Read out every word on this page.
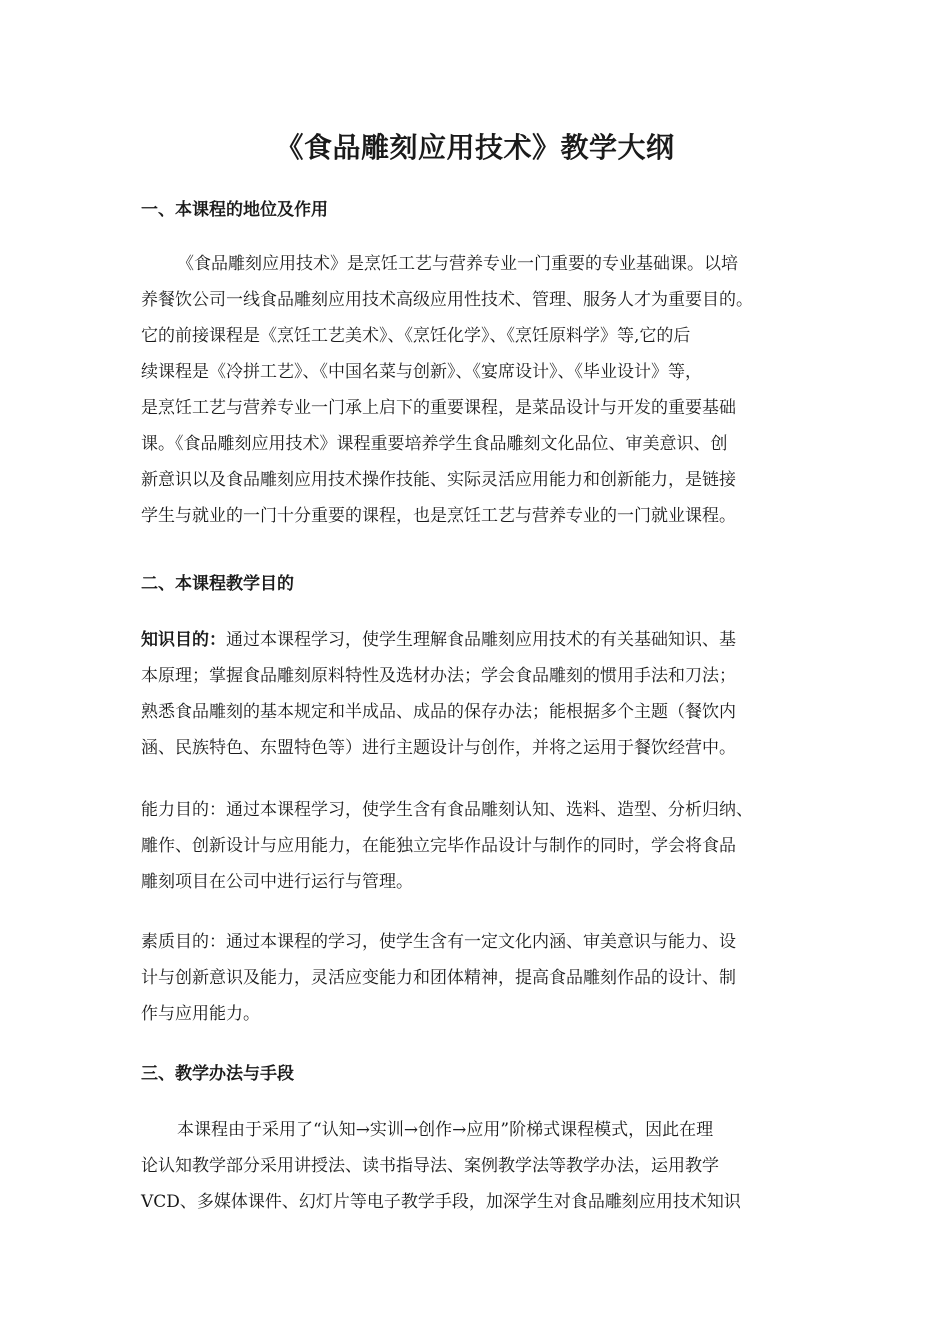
《食品雕刻应用技术》教学大纲
一、本课程的地位及作用
《食品雕刻应用技术》是烹饪工艺与营养专业一门重要的专业基础课。以培
养餐饮公司一线食品雕刻应用技术高级应用性技术、管理、服务人才为重要目的。
它的前接课程是《烹饪工艺美术》、《烹饪化学》、《烹饪原料学》等,它的后
续课程是《冷拼工艺》、《中国名菜与创新》、《宴席设计》、《毕业设计》等，
是烹饪工艺与营养专业一门承上启下的重要课程，是菜品设计与开发的重要基础
课。《食品雕刻应用技术》课程重要培养学生食品雕刻文化品位、审美意识、创
新意识以及食品雕刻应用技术操作技能、实际灵活应用能力和创新能力，是链接
学生与就业的一门十分重要的课程，也是烹饪工艺与营养专业的一门就业课程。
二、本课程教学目的
知识目的：通过本课程学习，使学生理解食品雕刻应用技术的有关基础知识、基
本原理；掌握食品雕刻原料特性及选材办法；学会食品雕刻的惯用手法和刀法；
熟悉食品雕刻的基本规定和半成品、成品的保存办法；能根据多个主题（餐饮内
涵、民族特色、东盟特色等）进行主题设计与创作，并将之运用于餐饮经营中。
能力目的：通过本课程学习，使学生含有食品雕刻认知、选料、造型、分析归纳、
雕作、创新设计与应用能力，在能独立完毕作品设计与制作的同时，学会将食品
雕刻项目在公司中进行运行与管理。
素质目的：通过本课程的学习，使学生含有一定文化内涵、审美意识与能力、设
计与创新意识及能力，灵活应变能力和团体精神，提高食品雕刻作品的设计、制
作与应用能力。
三、教学办法与手段
本课程由于采用了“认知→实训→创作→应用”阶梯式课程模式，因此在理
论认知教学部分采用讲授法、读书指导法、案例教学法等教学办法，运用教学
VCD、多媒体课件、幻灯片等电子教学手段，加深学生对食品雕刻应用技术知识
